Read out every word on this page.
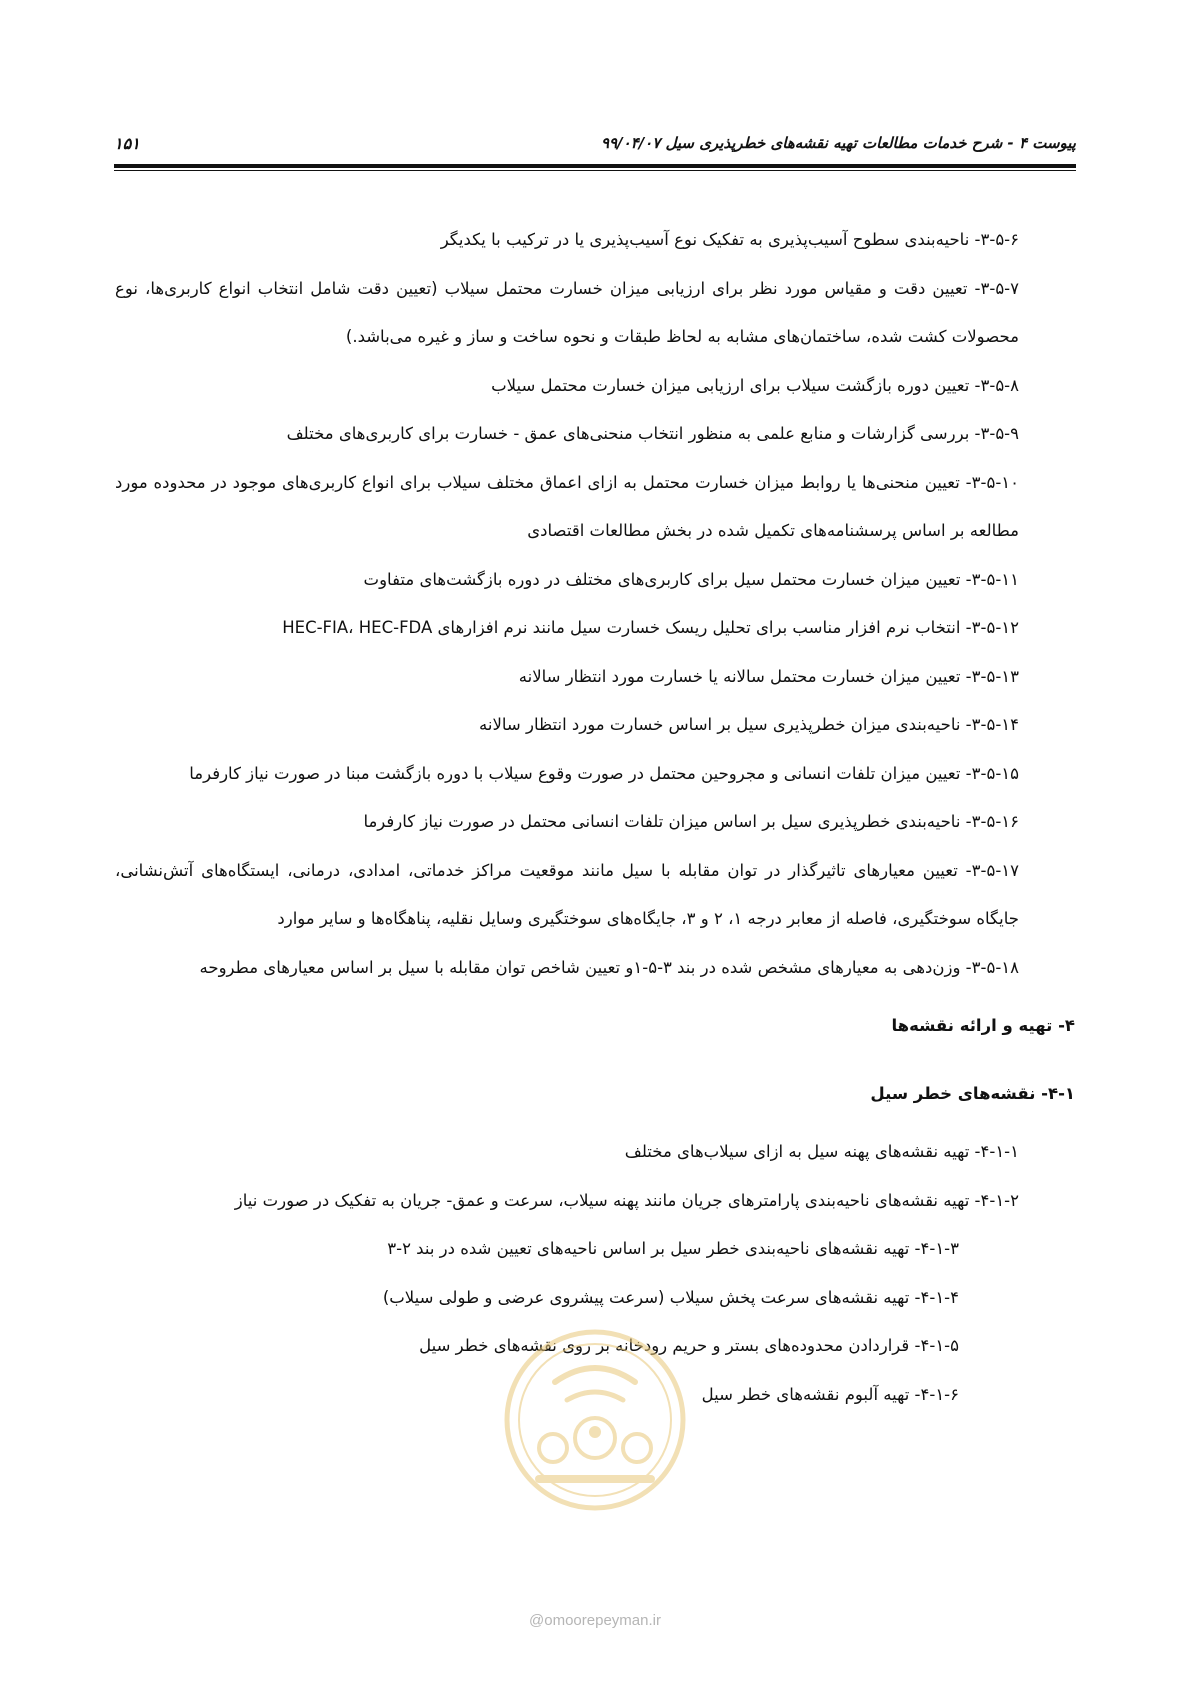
پیوست ۴ - شرح خدمات مطالعات تهیه نقشه‌های خطرپذیری سیل ۹۹/۰۴/۰۷
۱۵۱

۳-۵-۶- ناحیه‌بندی سطوح آسیب‌پذیری به تفکیک نوع آسیب‌پذیری یا در ترکیب با یکدیگر

۳-۵-۷- تعیین دقت و مقیاس مورد نظر برای ارزیابی میزان خسارت محتمل سیلاب (تعیین دقت شامل انتخاب انواع کاربری‌ها، نوع محصولات کشت شده، ساختمان‌های مشابه به لحاظ طبقات و نحوه ساخت و ساز و غیره می‌باشد.)

۳-۵-۸- تعیین دوره بازگشت سیلاب برای ارزیابی میزان خسارت محتمل سیلاب

۳-۵-۹- بررسی گزارشات و منابع علمی به منظور انتخاب منحنی‌های عمق - خسارت برای کاربری‌های مختلف

۳-۵-۱۰- تعیین منحنی‌ها یا روابط میزان خسارت محتمل به ازای اعماق مختلف سیلاب برای انواع کاربری‌های موجود در محدوده مورد مطالعه بر اساس پرسشنامه‌های تکمیل شده در بخش مطالعات اقتصادی

۳-۵-۱۱- تعیین میزان خسارت محتمل سیل برای کاربری‌های مختلف در دوره بازگشت‌های متفاوت

۳-۵-۱۲- انتخاب نرم افزار مناسب برای تحلیل ریسک خسارت سیل مانند نرم افزارهای HEC-FIA، HEC-FDA

۳-۵-۱۳- تعیین میزان خسارت محتمل سالانه یا خسارت مورد انتظار سالانه

۳-۵-۱۴- ناحیه‌بندی میزان خطرپذیری سیل بر اساس خسارت مورد انتظار سالانه

۳-۵-۱۵- تعیین میزان تلفات انسانی و مجروحین محتمل در صورت وقوع سیلاب با دوره بازگشت مبنا در صورت نیاز کارفرما

۳-۵-۱۶- ناحیه‌بندی خطرپذیری سیل بر اساس میزان تلفات انسانی محتمل در صورت نیاز کارفرما

۳-۵-۱۷- تعیین معیارهای تاثیرگذار در توان مقابله با سیل مانند موقعیت مراکز خدماتی، امدادی، درمانی، ایستگاه‌های آتش‌نشانی، جایگاه سوختگیری، فاصله از معابر درجه ۱، ۲ و ۳، جایگاه‌های سوختگیری وسایل نقلیه، پناهگاه‌ها و سایر موارد

۳-۵-۱۸- وزن‌دهی به معیارهای مشخص شده در بند ۳-۵-۱و تعیین شاخص توان مقابله با سیل بر اساس معیارهای مطروحه

۴- تهیه و ارائه نقشه‌ها

۴-۱- نقشه‌های خطر سیل

۴-۱-۱- تهیه نقشه‌های پهنه سیل به ازای سیلاب‌های مختلف

۴-۱-۲- تهیه نقشه‌های ناحیه‌بندی پارامترهای جریان مانند پهنه سیلاب، سرعت و عمق- جریان به تفکیک در صورت نیاز

۴-۱-۳- تهیه نقشه‌های ناحیه‌بندی خطر سیل بر اساس ناحیه‌های تعیین شده در بند ۲-۳

۴-۱-۴- تهیه نقشه‌های سرعت پخش سیلاب (سرعت پیشروی عرضی و طولی سیلاب)

۴-۱-۵- قراردادن محدوده‌های بستر و حریم رودخانه بر روی نقشه‌های خطر سیل

۴-۱-۶- تهیه آلبوم نقشه‌های خطر سیل

@omoorepeyman.ir
